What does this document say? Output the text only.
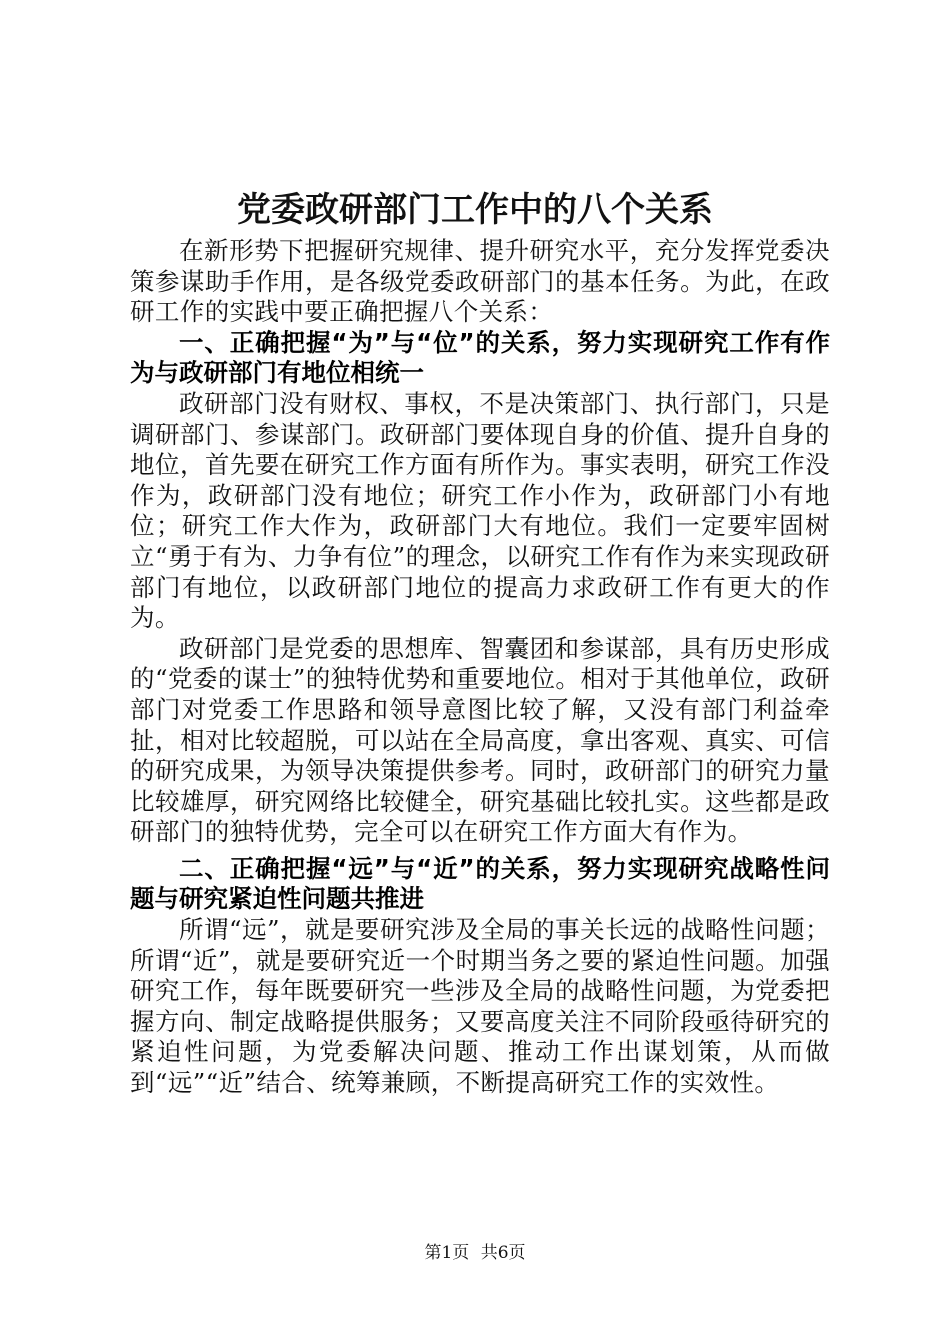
党委政研部门工作中的八个关系

在新形势下把握研究规律、提升研究水平，充分发挥党委决策参谋助手作用，是各级党委政研部门的基本任务。为此，在政研工作的实践中要正确把握八个关系：

一、正确把握“为”与“位”的关系，努力实现研究工作有作为与政研部门有地位相统一

政研部门没有财权、事权，不是决策部门、执行部门，只是调研部门、参谋部门。政研部门要体现自身的价值、提升自身的地位，首先要在研究工作方面有所作为。事实表明，研究工作没作为，政研部门没有地位；研究工作小作为，政研部门小有地位；研究工作大作为，政研部门大有地位。我们一定要牢固树立“勇于有为、力争有位”的理念，以研究工作有作为来实现政研部门有地位，以政研部门地位的提高力求政研工作有更大的作为。

政研部门是党委的思想库、智囊团和参谋部，具有历史形成的“党委的谋士”的独特优势和重要地位。相对于其他单位，政研部门对党委工作思路和领导意图比较了解，又没有部门利益牵扯，相对比较超脱，可以站在全局高度，拿出客观、真实、可信的研究成果，为领导决策提供参考。同时，政研部门的研究力量比较雄厚，研究网络比较健全，研究基础比较扎实。这些都是政研部门的独特优势，完全可以在研究工作方面大有作为。

二、正确把握“远”与“近”的关系，努力实现研究战略性问题与研究紧迫性问题共推进

所谓“远”，就是要研究涉及全局的事关长远的战略性问题；所谓“近”，就是要研究近一个时期当务之要的紧迫性问题。加强研究工作，每年既要研究一些涉及全局的战略性问题，为党委把握方向、制定战略提供服务；又要高度关注不同阶段亟待研究的紧迫性问题，为党委解决问题、推动工作出谋划策，从而做到“远”“近”结合、统筹兼顾，不断提高研究工作的实效性。

第1页 共6页
